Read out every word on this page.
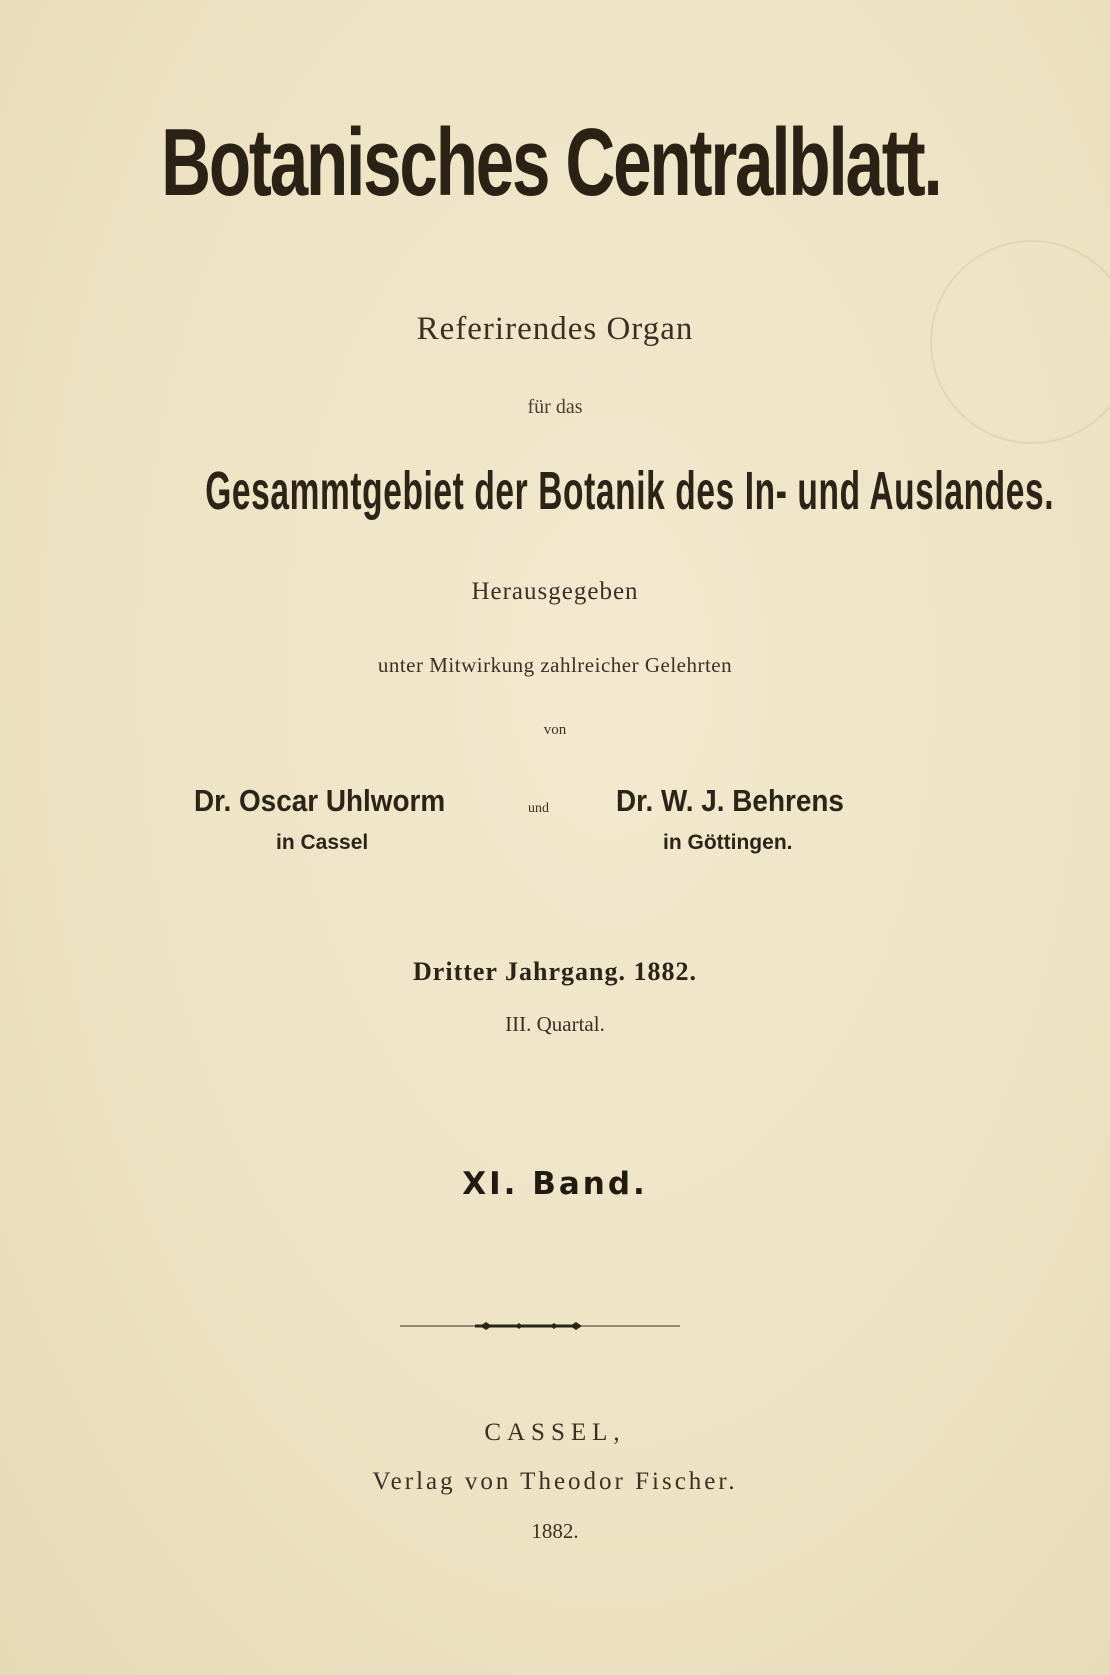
Botanisches Centralblatt.
Referirendes Organ
für das
Gesammtgebiet der Botanik des In- und Auslandes.
Herausgegeben
unter Mitwirkung zahlreicher Gelehrten
von
Dr. Oscar Uhlworm	und Dr. W. J. Behrens
in Cassel	in Göttingen.
Dritter Jahrgang. 1882.
III. Quartal.
XI. Band.
CASSEL,
Verlag von Theodor Fischer.
1882.
